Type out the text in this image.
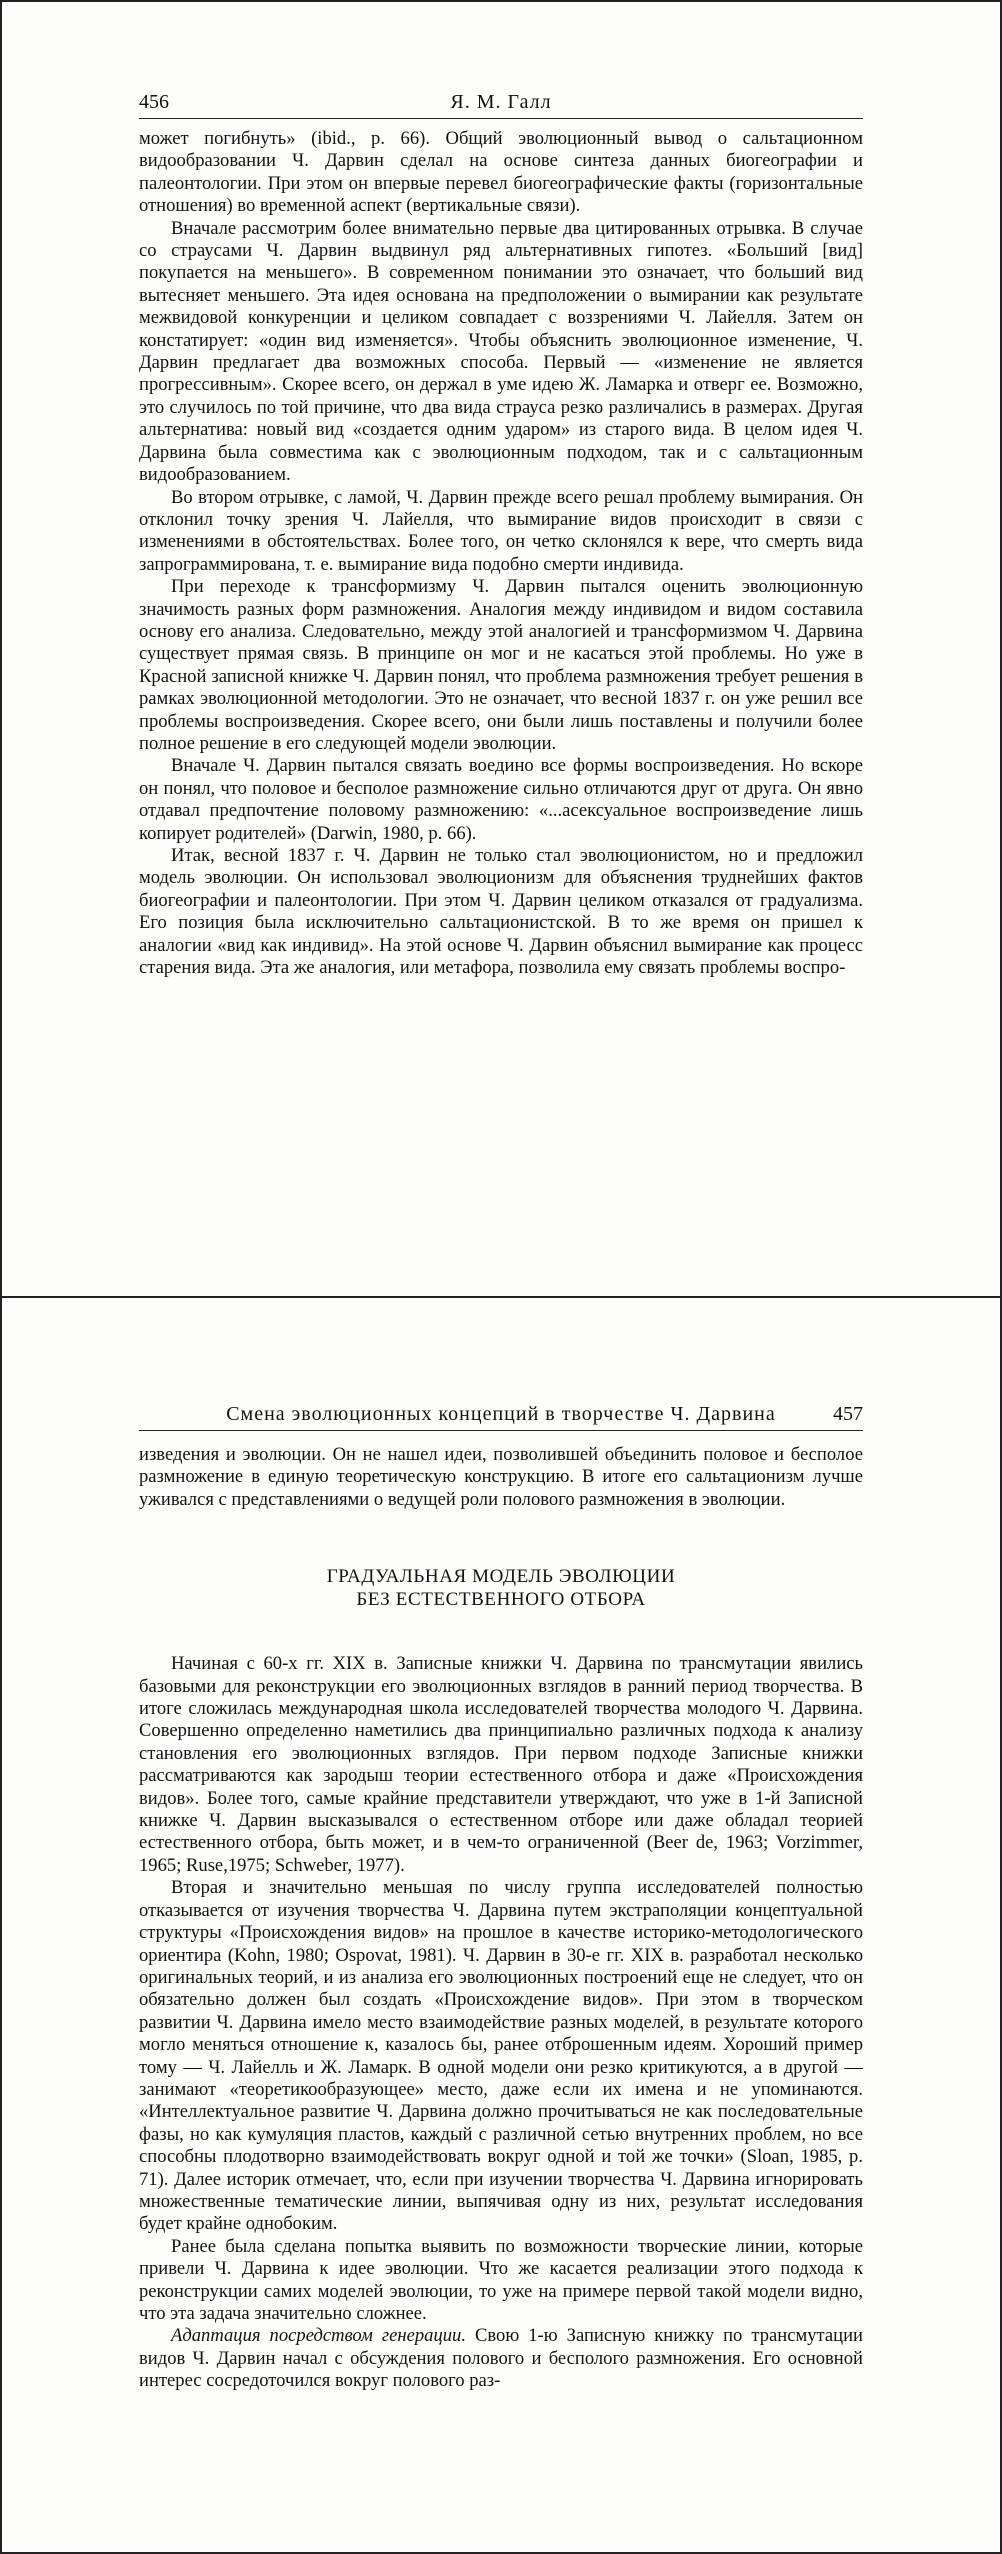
456	Я. М. Галл

может погибнуть» (ibid., p. 66). Общий эволюционный вывод о сальтационном видообразовании Ч. Дарвин сделал на основе синтеза данных биогеографии и палеонтологии. При этом он впервые перевел биогеографические факты (горизонтальные отношения) во временной аспект (вертикальные связи).

Вначале рассмотрим более внимательно первые два цитированных отрывка. В случае со страусами Ч. Дарвин выдвинул ряд альтернативных гипотез. «Больший [вид] покупается на меньшего». В современном понимании это означает, что больший вид вытесняет меньшего. Эта идея основана на предположении о вымирании как результате межвидовой конкуренции и целиком совпадает с воззрениями Ч. Лайелля. Затем он констатирует: «один вид изменяется». Чтобы объяснить эволюционное изменение, Ч. Дарвин предлагает два возможных способа. Первый — «изменение не является прогрессивным». Скорее всего, он держал в уме идею Ж. Ламарка и отверг ее. Возможно, это случилось по той причине, что два вида страуса резко различались в размерах. Другая альтернатива: новый вид «создается одним ударом» из старого вида. В целом идея Ч. Дарвина была совместима как с эволюционным подходом, так и с сальтационным видообразованием.

Во втором отрывке, с ламой, Ч. Дарвин прежде всего решал проблему вымирания. Он отклонил точку зрения Ч. Лайелля, что вымирание видов происходит в связи с изменениями в обстоятельствах. Более того, он четко склонялся к вере, что смерть вида запрограммирована, т. е. вымирание вида подобно смерти индивида.

При переходе к трансформизму Ч. Дарвин пытался оценить эволюционную значимость разных форм размножения. Аналогия между индивидом и видом составила основу его анализа. Следовательно, между этой аналогией и трансформизмом Ч. Дарвина существует прямая связь. В принципе он мог и не касаться этой проблемы. Но уже в Красной записной книжке Ч. Дарвин понял, что проблема размножения требует решения в рамках эволюционной методологии. Это не означает, что весной 1837 г. он уже решил все проблемы воспроизведения. Скорее всего, они были лишь поставлены и получили более полное решение в его следующей модели эволюции.

Вначале Ч. Дарвин пытался связать воедино все формы воспроизведения. Но вскоре он понял, что половое и бесполое размножение сильно отличаются друг от друга. Он явно отдавал предпочтение половому размножению: «...асексуальное воспроизведение лишь копирует родителей» (Darwin, 1980, p. 66).

Итак, весной 1837 г. Ч. Дарвин не только стал эволюционистом, но и предложил модель эволюции. Он использовал эволюционизм для объяснения труднейших фактов биогеографии и палеонтологии. При этом Ч. Дарвин целиком отказался от градуализма. Его позиция была исключительно сальтационистской. В то же время он пришел к аналогии «вид как индивид». На этой основе Ч. Дарвин объяснил вымирание как процесс старения вида. Эта же аналогия, или метафора, позволила ему связать проблемы воспро-

Смена эволюционных концепций в творчестве Ч. Дарвина	457

изведения и эволюции. Он не нашел идеи, позволившей объединить половое и бесполое размножение в единую теоретическую конструкцию. В итоге его сальтационизм лучше уживался с представлениями о ведущей роли полового размножения в эволюции.

ГРАДУАЛЬНАЯ МОДЕЛЬ ЭВОЛЮЦИИ
БЕЗ ЕСТЕСТВЕННОГО ОТБОРА

Начиная с 60-х гг. XIX в. Записные книжки Ч. Дарвина по трансмутации явились базовыми для реконструкции его эволюционных взглядов в ранний период творчества. В итоге сложилась международная школа исследователей творчества молодого Ч. Дарвина. Совершенно определенно наметились два принципиально различных подхода к анализу становления его эволюционных взглядов. При первом подходе Записные книжки рассматриваются как зародыш теории естественного отбора и даже «Происхождения видов». Более того, самые крайние представители утверждают, что уже в 1-й Записной книжке Ч. Дарвин высказывался о естественном отборе или даже обладал теорией естественного отбора, быть может, и в чем-то ограниченной (Beer de, 1963; Vorzimmer, 1965; Ruse,1975; Schweber, 1977).

Вторая и значительно меньшая по числу группа исследователей полностью отказывается от изучения творчества Ч. Дарвина путем экстраполяции концептуальной структуры «Происхождения видов» на прошлое в качестве историко-методологического ориентира (Kohn, 1980; Ospovat, 1981). Ч. Дарвин в 30-е гг. XIX в. разработал несколько оригинальных теорий, и из анализа его эволюционных построений еще не следует, что он обязательно должен был создать «Происхождение видов». При этом в творческом развитии Ч. Дарвина имело место взаимодействие разных моделей, в результате которого могло меняться отношение к, казалось бы, ранее отброшенным идеям. Хороший пример тому — Ч. Лайелль и Ж. Ламарк. В одной модели они резко критикуются, а в другой — занимают «теоретикообразующее» место, даже если их имена и не упоминаются. «Интеллектуальное развитие Ч. Дарвина должно прочитываться не как последовательные фазы, но как кумуляция пластов, каждый с различной сетью внутренних проблем, но все способны плодотворно взаимодействовать вокруг одной и той же точки» (Sloan, 1985, p. 71). Далее историк отмечает, что, если при изучении творчества Ч. Дарвина игнорировать множественные тематические линии, выпячивая одну из них, результат исследования будет крайне однобоким.

Ранее была сделана попытка выявить по возможности творческие линии, которые привели Ч. Дарвина к идее эволюции. Что же касается реализации этого подхода к реконструкции самих моделей эволюции, то уже на примере первой такой модели видно, что эта задача значительно сложнее.

Адаптация посредством генерации. Свою 1-ю Записную книжку по трансмутации видов Ч. Дарвин начал с обсуждения полового и бесполого размножения. Его основной интерес сосредоточился вокруг полового раз-
